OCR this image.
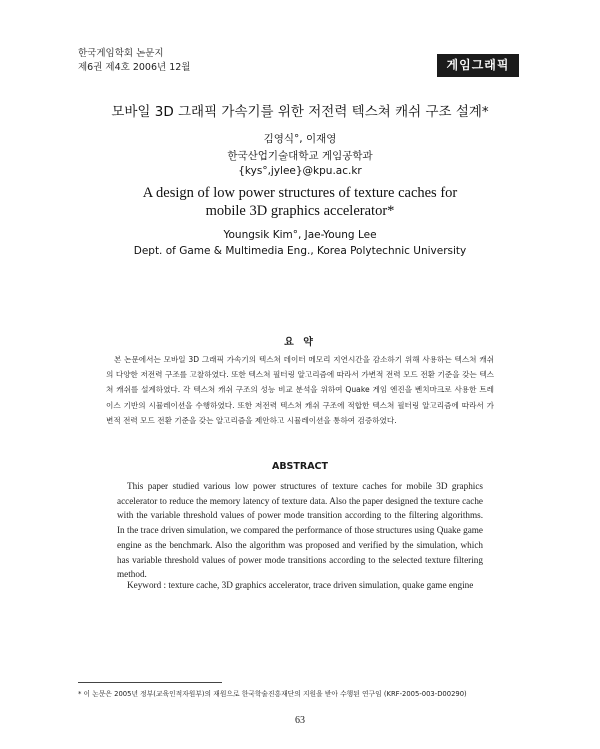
한국게임학회 논문지
제6권 제4호 2006년 12월	게임그래픽
모바일 3D 그래픽 가속기를 위한 저전력 텍스쳐 캐쉬 구조 설계*
김영식°, 이재영
한국산업기술대학교 게임공학과
{kys°,jylee}@kpu.ac.kr
A design of low power structures of texture caches for
mobile 3D graphics accelerator*
Youngsik Kim°, Jae-Young Lee
Dept. of Game & Multimedia Eng., Korea Polytechnic University
요 약

본 논문에서는 모바일 3D 그래픽 가속기의 텍스쳐 데이터 메모리 지연시간을 감소하기 위해 사용하는 텍스쳐 캐쉬의 다양한 저전력 구조를 고찰하였다. 또한 텍스쳐 필터링 알고리즘에 따라서 가변적 전력 모드 전환 기준을 갖는 텍스쳐 캐쉬를 설계하였다. 각 텍스쳐 캐쉬 구조의 성능 비교 분석을 위하여 Quake 게임 엔진을 벤치마크로 사용한 트레이스 기반의 시뮬레이션을 수행하였다. 또한 저전력 텍스쳐 캐쉬 구조에 적합한 텍스쳐 필터링 알고리즘에 따라서 가변적 전력 모드 전환 기준을 갖는 알고리즘을 제안하고 시뮬레이션을 통하여 검증하였다.

ABSTRACT

This paper studied various low power structures of texture caches for mobile 3D graphics accelerator to reduce the memory latency of texture data. Also the paper designed the texture cache with the variable threshold values of power mode transition according to the filtering algorithms. In the trace driven simulation, we compared the performance of those structures using Quake game engine as the benchmark. Also the algorithm was proposed and verified by the simulation, which has variable threshold values of power mode transitions according to the selected texture filtering method.

Keyword : texture cache, 3D graphics accelerator, trace driven simulation, quake game engine
* 이 논문은 2005년 정부(교육인적자원부)의 재원으로 한국학술진흥재단의 지원을 받아 수행된 연구임 (KRF-2005-003-D00290)
63
